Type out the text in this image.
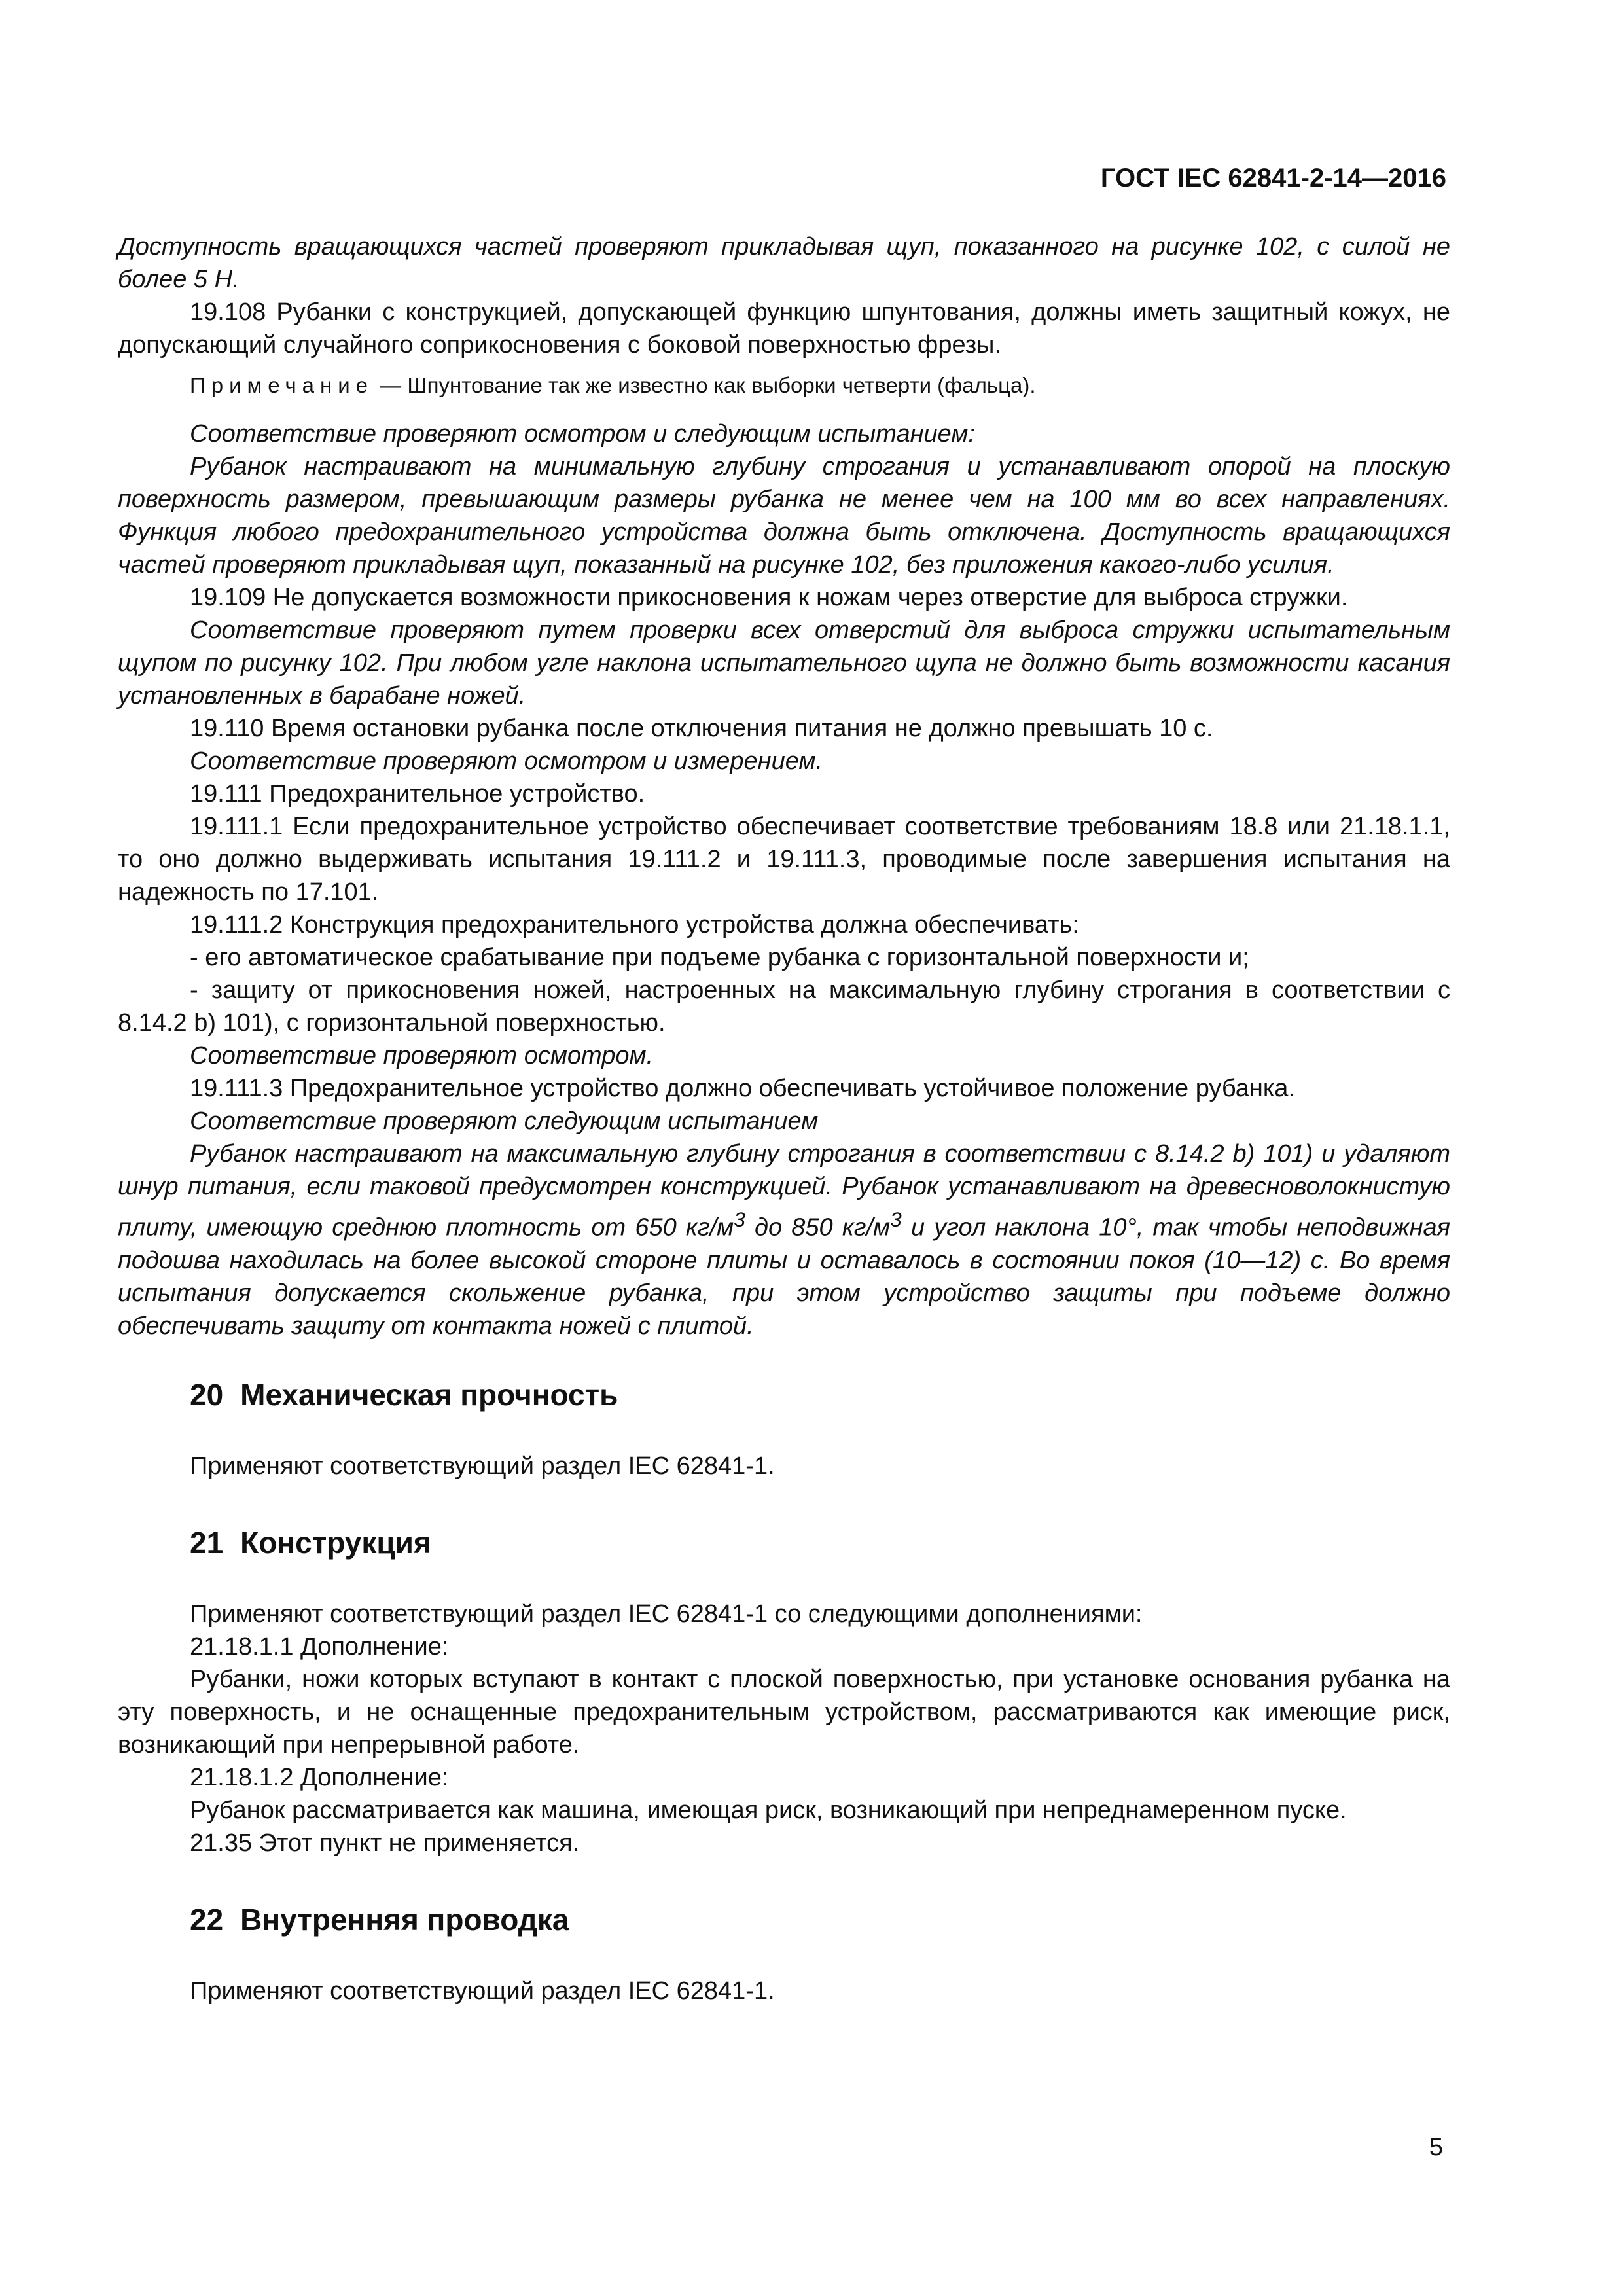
ГОСТ IEC 62841-2-14—2016

Доступность вращающихся частей проверяют прикладывая щуп, показанного на рисунке 102, с силой не более 5 Н.

19.108 Рубанки с конструкцией, допускающей функцию шпунтования, должны иметь защитный кожух, не допускающий случайного соприкосновения с боковой поверхностью фрезы.

Примечание — Шпунтование так же известно как выборки четверти (фальца).

Соответствие проверяют осмотром и следующим испытанием:

Рубанок настраивают на минимальную глубину строгания и устанавливают опорой на плоскую поверхность размером, превышающим размеры рубанка не менее чем на 100 мм во всех направлениях. Функция любого предохранительного устройства должна быть отключена. Доступность вращающихся частей проверяют прикладывая щуп, показанный на рисунке 102, без приложения какого-либо усилия.

19.109 Не допускается возможности прикосновения к ножам через отверстие для выброса стружки.

Соответствие проверяют путем проверки всех отверстий для выброса стружки испытательным щупом по рисунку 102. При любом угле наклона испытательного щупа не должно быть возможности касания установленных в барабане ножей.

19.110 Время остановки рубанка после отключения питания не должно превышать 10 с.

Соответствие проверяют осмотром и измерением.

19.111 Предохранительное устройство.

19.111.1 Если предохранительное устройство обеспечивает соответствие требованиям 18.8 или 21.18.1.1, то оно должно выдерживать испытания 19.111.2 и 19.111.3, проводимые после завершения испытания на надежность по 17.101.

19.111.2 Конструкция предохранительного устройства должна обеспечивать:

- его автоматическое срабатывание при подъеме рубанка с горизонтальной поверхности и;

- защиту от прикосновения ножей, настроенных на максимальную глубину строгания в соответствии с 8.14.2 b) 101), с горизонтальной поверхностью.

Соответствие проверяют осмотром.

19.111.3 Предохранительное устройство должно обеспечивать устойчивое положение рубанка.

Соответствие проверяют следующим испытанием

Рубанок настраивают на максимальную глубину строгания в соответствии с 8.14.2 b) 101) и удаляют шнур питания, если таковой предусмотрен конструкцией. Рубанок устанавливают на древесноволокнистую плиту, имеющую среднюю плотность от 650 $кг/м^3$ до 850 $кг/м^3$ и угол наклона 10°, так чтобы неподвижная подошва находилась на более высокой стороне плиты и оставалось в состоянии покоя (10—12) с. Во время испытания допускается скольжение рубанка, при этом устройство защиты при подъеме должно обеспечивать защиту от контакта ножей с плитой.

20 Механическая прочность

Применяют соответствующий раздел IEC 62841-1.

21 Конструкция

Применяют соответствующий раздел IEC 62841-1 со следующими дополнениями:

21.18.1.1 Дополнение:

Рубанки, ножи которых вступают в контакт с плоской поверхностью, при установке основания рубанка на эту поверхность, и не оснащенные предохранительным устройством, рассматриваются как имеющие риск, возникающий при непрерывной работе.

21.18.1.2 Дополнение:

Рубанок рассматривается как машина, имеющая риск, возникающий при непреднамеренном пуске.

21.35 Этот пункт не применяется.

22 Внутренняя проводка

Применяют соответствующий раздел IEC 62841-1.

5
